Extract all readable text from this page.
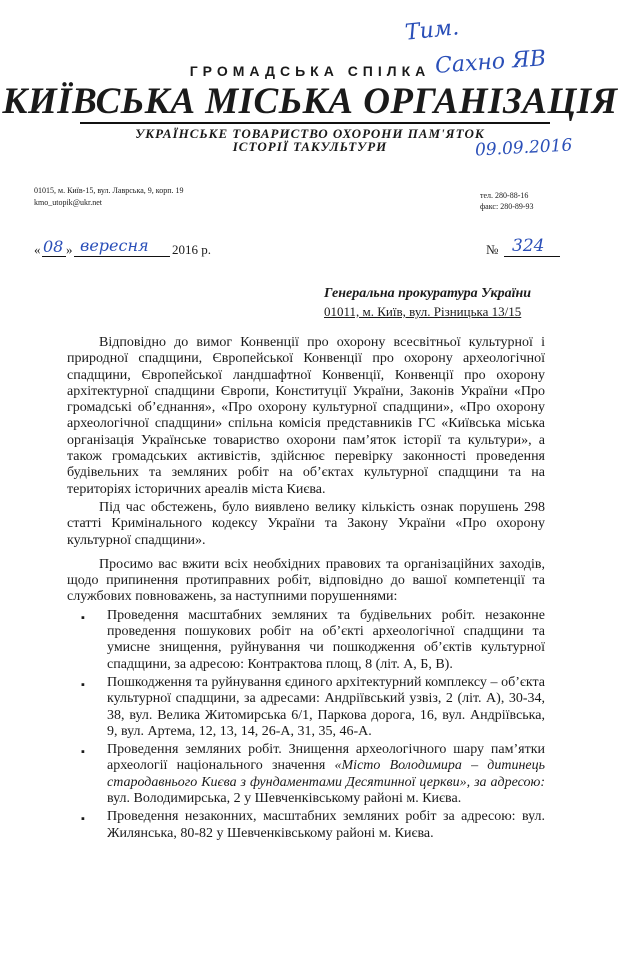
Тим.
Сахно ЯВ
09.09.2016
ГРОМАДСЬКА СПІЛКА
КИЇВСЬКА МІСЬКА ОРГАНІЗАЦІЯ
УКРАЇНСЬКЕ ТОВАРИСТВО ОХОРОНИ ПАМ'ЯТОК
ІСТОРІЇ ТАКУЛЬТУРИ
01015, м. Київ-15, вул. Лаврська, 9, корп. 19
kmo_utopik@ukr.net
тел. 280-88-16
факс: 280-89-93
« 08 » вересня 2016 р.	№ 324
Генеральна прокуратура України
01011, м. Київ, вул. Різницька 13/15

Відповідно до вимог Конвенції про охорону всесвітньої культурної і природної спадщини, Європейської Конвенції про охорону археологічної спадщини, Європейської ландшафтної Конвенції, Конвенції про охорону архітектурної спадщини Європи, Конституції України, Законів України «Про громадські об’єднання», «Про охорону культурної спадщини», «Про охорону археологічної спадщини» спільна комісія представників ГС «Київська міська організація Українське товариство охорони пам’яток історії та культури», а також громадських активістів, здійснює перевірку законності проведення будівельних та земляних робіт на об’єктах культурної спадщини та на територіях історичних ареалів міста Києва.

Під час обстежень, було виявлено велику кількість ознак порушень 298 статті Кримінального кодексу України та Закону України «Про охорону культурної спадщини».

Просимо вас вжити всіх необхідних правових та організаційних заходів, щодо припинення протиправних робіт, відповідно до вашої компетенції та службових повноважень, за наступними порушеннями:

▪ Проведення масштабних земляних та будівельних робіт. незаконне проведення пошукових робіт на об’єкті археологічної спадщини та умисне знищення, руйнування чи пошкодження об’єктів культурної спадщини, за адресою: Контрактова площ, 8 (літ. А, Б, В).
▪ Пошкодження та руйнування єдиного архітектурний комплексу – об’єкта культурної спадщини, за адресами: Андріївський узвіз, 2 (літ. А), 30-34, 38, вул. Велика Житомирська 6/1, Паркова дорога, 16, вул. Андріївська, 9, вул. Артема, 12, 13, 14, 26-А, 31, 35, 46-А.
▪ Проведення земляних робіт. Знищення археологічного шару пам’ятки археології національного значення «Місто Володимира – дитинець стародавнього Києва з фундаментами Десятинної церкви», за адресою: вул. Володимирська, 2 у Шевченківському районі м. Києва.
▪ Проведення незаконних, масштабних земляних робіт за адресою: вул. Жилянська, 80-82 у Шевченківському районі м. Києва.
